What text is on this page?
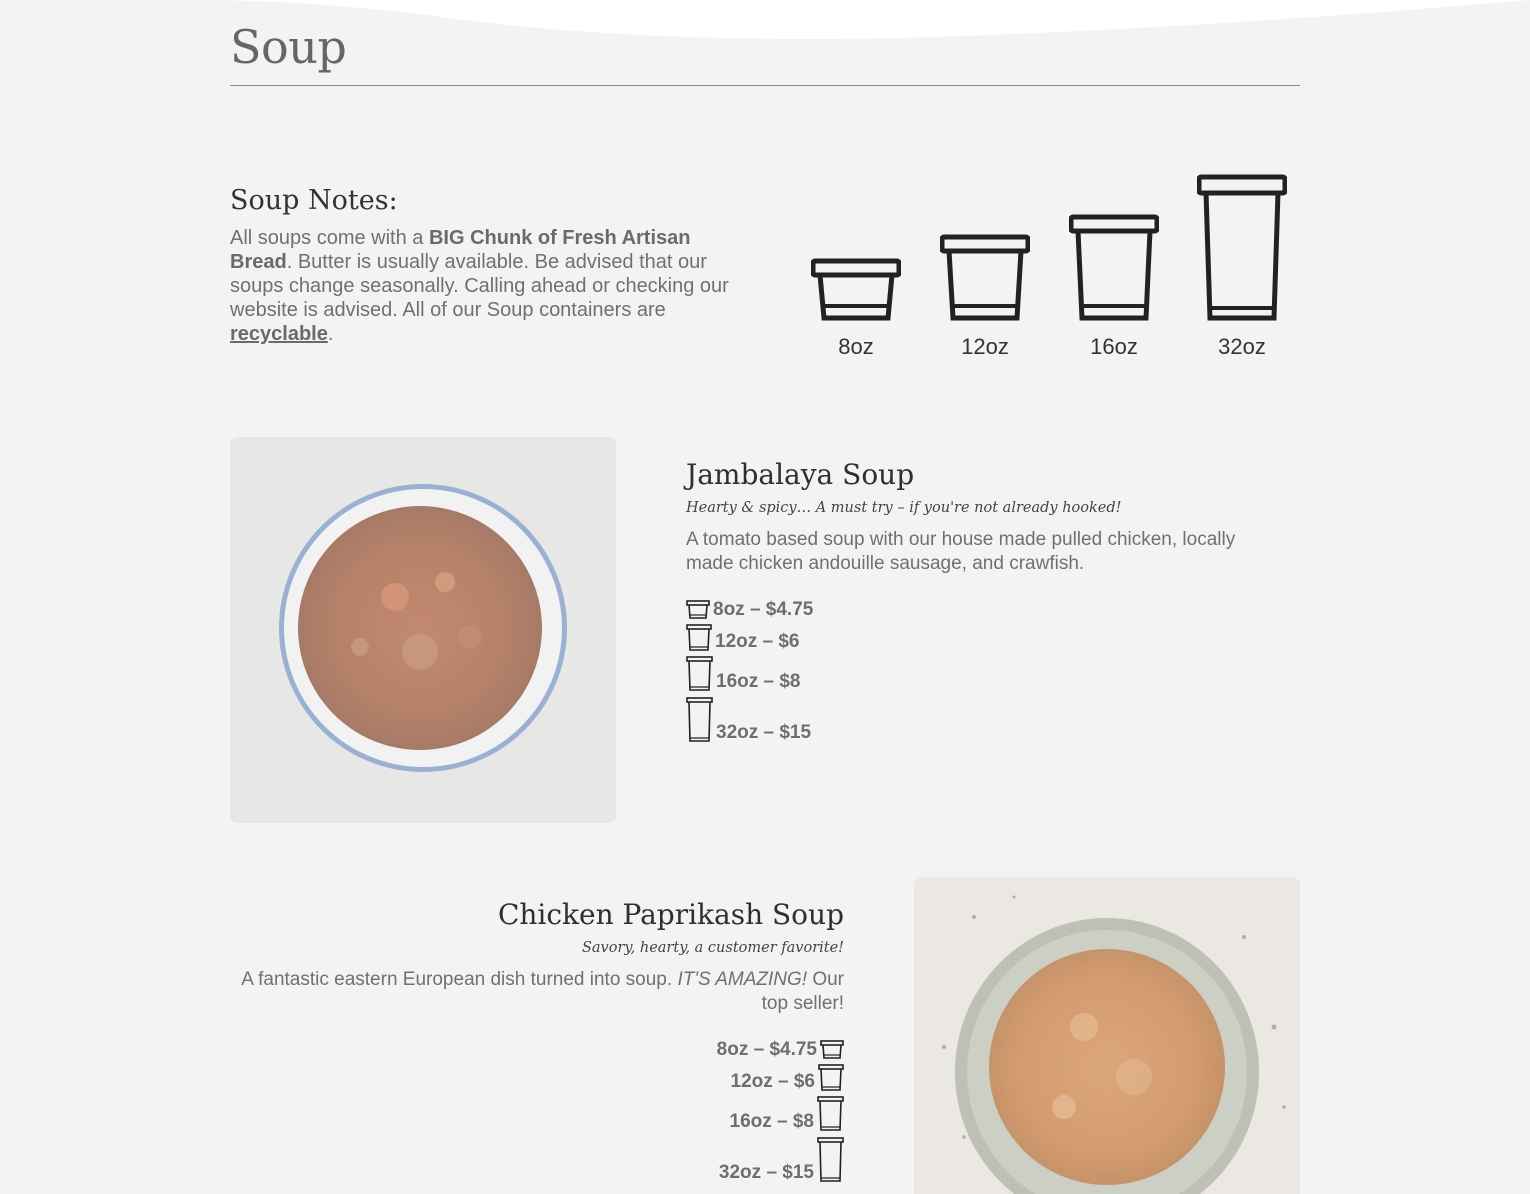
Soup
Soup Notes:

All soups come with a BIG Chunk of Fresh Artisan Bread. Butter is usually available. Be advised that our soups change seasonally. Calling ahead or checking our website is advised. All of our Soup containers are recyclable.	8oz	12oz	16oz	32oz
Jambalaya Soup

Hearty & spicy… A must try – if you're not already hooked!

A tomato based soup with our house made pulled chicken, locally made chicken andouille sausage, and crawfish.

8oz – $4.75
12oz – $6
16oz – $8
32oz – $15
Chicken Paprikash Soup

Savory, hearty, a customer favorite!

A fantastic eastern European dish turned into soup. IT'S AMAZING! Our top seller!

8oz – $4.75
12oz – $6
16oz – $8
32oz – $15
